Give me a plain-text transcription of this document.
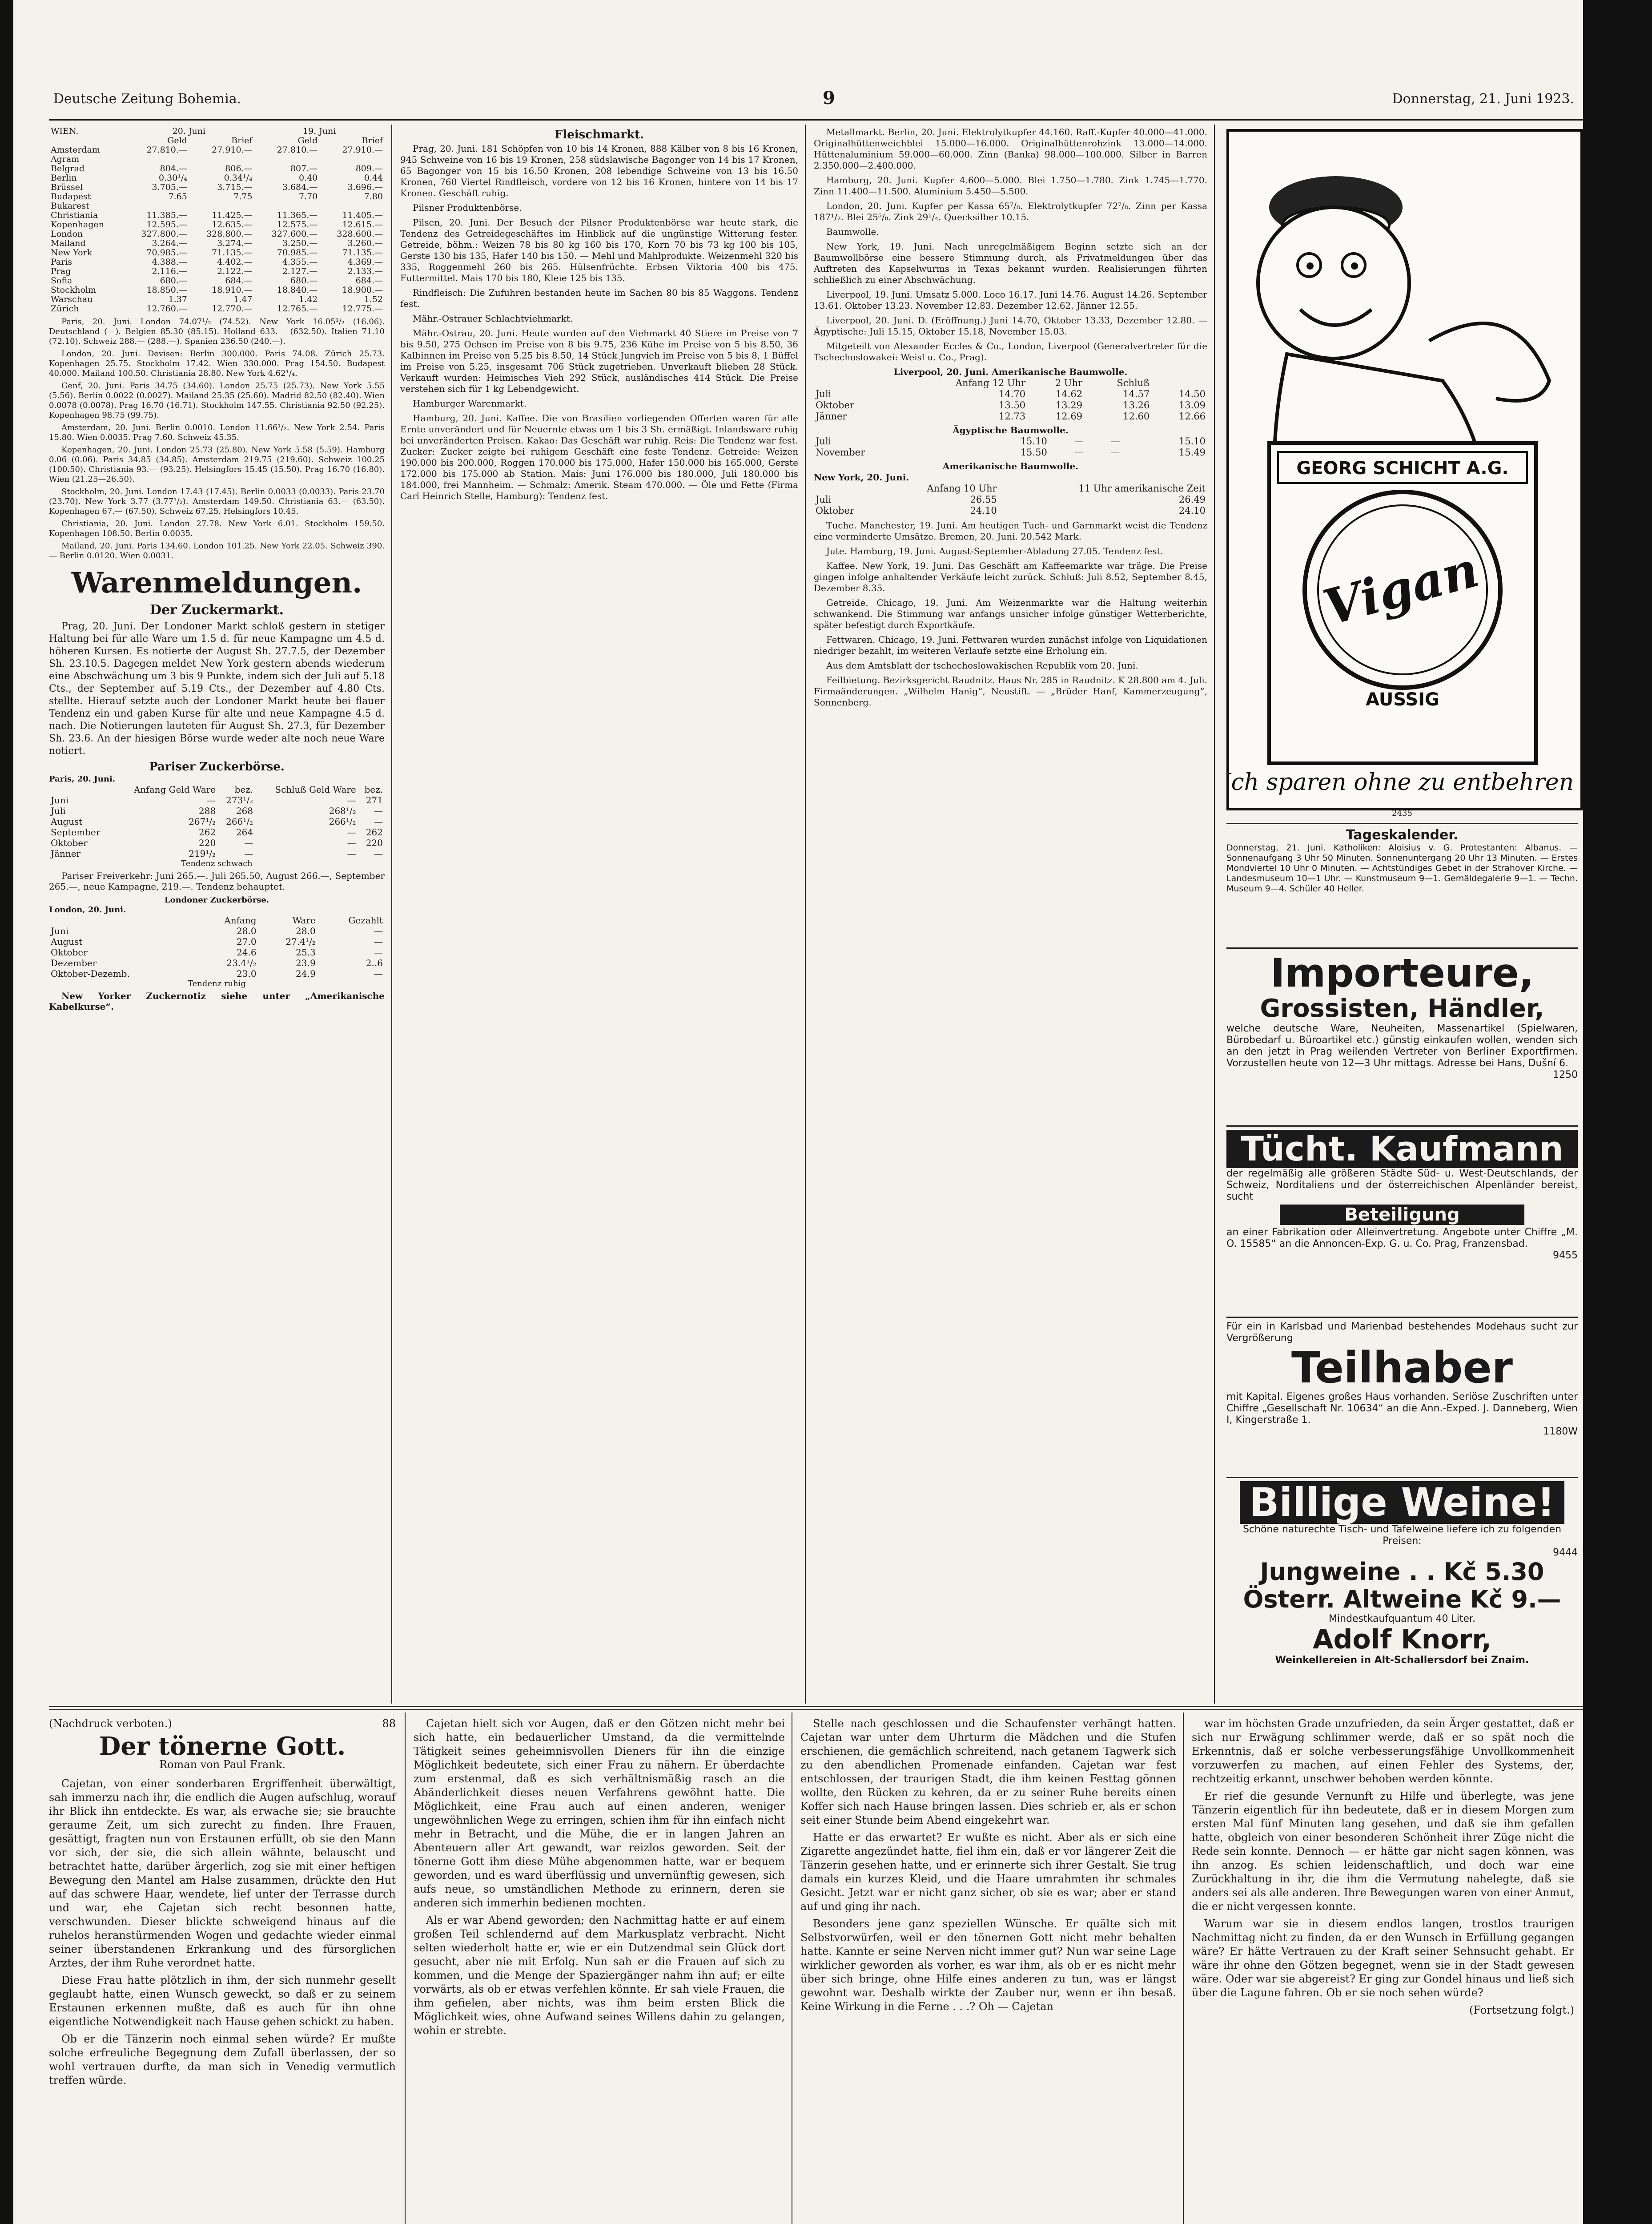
Deutsche Zeitung Bohemia.	9	Donnerstag, 21. Juni 1923.
WIEN.	20. Juni		19. Juni	
	Geld	Brief	Geld	Brief
Amsterdam	27.810.—	27.910.—	27.810.—	27.910.—
Agram				
Belgrad	804.—	806.—	807.—	809.—
Berlin	0.30¹/₄	0.34¹/₄	0.40	0.44
Brüssel	3.705.—	3.715.—	3.684.—	3.696.—
Budapest	7.65	7.75	7.70	7.80
Bukarest				
Christiania	11.385.—	11.425.—	11.365.—	11.405.—
Kopenhagen	12.595.—	12.635.—	12.575.—	12.615.—
London	327.800.—	328.800.—	327.600.—	328.600.—
Mailand	3.264.—	3.274.—	3.250.—	3.260.—
New York	70.985.—	71.135.—	70.985.—	71.135.—
Paris	4.388.—	4.402.—	4.355.—	4.369.—
Prag	2.116.—	2.122.—	2.127.—	2.133.—
Sofia	680.—	684.—	680.—	684.—
Stockholm	18.850.—	18.910.—	18.840.—	18.900.—
Warschau	1.37	1.47	1.42	1.52
Zürich	12.760.—	12.770.—	12.765.—	12.775.—

Paris, 20. Juni. London 74.07¹/₂ (74.52). New York 16.05¹/₂ (16.06). Deutschland (—). Belgien 85.30 (85.15). Holland 633.— (632.50). Italien 71.10 (72.10). Schweiz 288.— (288.—). Spanien 236.50 (240.—).

London, 20. Juni. Devisen: Berlin 300.000. Paris 74.08. Zürich 25.73. Kopenhagen 25.75. Stockholm 17.42. Wien 330.000. Prag 154.50. Budapest 40.000. Mailand 100.50. Christiania 28.80. New York 4.62¹/₄.

Genf, 20. Juni. Paris 34.75 (34.60). London 25.75 (25.73). New York 5.55 (5.56). Berlin 0.0022 (0.0027). Mailand 25.35 (25.60). Madrid 82.50 (82.40). Wien 0.0078 (0.0078). Prag 16.70 (16.71). Stockholm 147.55. Christiania 92.50 (92.25). Kopenhagen 98.75 (99.75).

Amsterdam, 20. Juni. Berlin 0.0010. London 11.66¹/₂. New York 2.54. Paris 15.80. Wien 0.0035. Prag 7.60. Schweiz 45.35.

Kopenhagen, 20. Juni. London 25.73 (25.80). New York 5.58 (5.59). Hamburg 0.06 (0.06). Paris 34.85 (34.85). Amsterdam 219.75 (219.60). Schweiz 100.25 (100.50). Christiania 93.— (93.25). Helsingfors 15.45 (15.50). Prag 16.70 (16.80). Wien (21.25—26.50).

Stockholm, 20. Juni. London 17.43 (17.45). Berlin 0.0033 (0.0033). Paris 23.70 (23.70). New York 3.77 (3.77¹/₂). Amsterdam 149.50. Christiania 63.— (63.50). Kopenhagen 67.— (67.50). Schweiz 67.25. Helsingfors 10.45.

Christiania, 20. Juni. London 27.78. New York 6.01. Stockholm 159.50. Kopenhagen 108.50. Berlin 0.0035.

Mailand, 20. Juni. Paris 134.60. London 101.25. New York 22.05. Schweiz 390.— Berlin 0.0120. Wien 0.0031.

Warenmeldungen.
Der Zuckermarkt.

Prag, 20. Juni. Der Londoner Markt schloß gestern in stetiger Haltung bei für alle Ware um 1.5 d. für neue Kampagne um 4.5 d. höheren Kursen. Es notierte der August Sh. 27.7.5, der Dezember Sh. 23.10.5. Dagegen meldet New York gestern abends wiederum eine Abschwächung um 3 bis 9 Punkte, indem sich der Juli auf 5.18 Cts., der September auf 5.19 Cts., der Dezember auf 4.80 Cts. stellte. Hierauf setzte auch der Londoner Markt heute bei flauer Tendenz ein und gaben Kurse für alte und neue Kampagne 4.5 d. nach. Die Notierungen lauteten für August Sh. 27.3, für Dezember Sh. 23.6. An der hiesigen Börse wurde weder alte noch neue Ware notiert.

Pariser Zuckerbörse.
Paris, 20. Juni.
	Anfang Geld Ware	bez.	Schluß Geld Ware	bez.
Juni	—	273¹/₂	—	271
Juli	288	268	268¹/₂	—
August	267¹/₂	266¹/₂	266¹/₂	—
September	262	264	—	262
Oktober	220	—	—	220
Jänner	219¹/₂	—	—	—
Tendenz schwach

Pariser Freiverkehr: Juni 265.—. Juli 265.50, August 266.—, September 265.—, neue Kampagne, 219.—. Tendenz behauptet.

Londoner Zuckerbörse.
London, 20. Juni.
	Anfang	Ware	Gezahlt
Juni	28.0	28.0	—
August	27.0	27.4¹/₂	—
Oktober	24.6	25.3	—
Dezember	23.4¹/₂	23.9	2..6
Oktober-Dezemb.	23.0	24.9	—
Tendenz ruhig

New Yorker Zuckernotiz siehe unter „Amerikanische Kabelkurse“.

Fleischmarkt.

Prag, 20. Juni. 181 Schöpfen von 10 bis 14 Kronen, 888 Kälber von 8 bis 16 Kronen, 945 Schweine von 16 bis 19 Kronen, 258 südslawische Bagonger von 14 bis 17 Kronen, 65 Bagonger von 15 bis 16.50 Kronen, 208 lebendige Schweine von 13 bis 16.50 Kronen, 760 Viertel Rindfleisch, vordere von 12 bis 16 Kronen, hintere von 14 bis 17 Kronen. Geschäft ruhig.

Pilsner Produktenbörse.

Pilsen, 20. Juni. Der Besuch der Pilsner Produktenbörse war heute stark, die Tendenz des Getreidegeschäftes im Hinblick auf die ungünstige Witterung fester. Getreide, böhm.: Weizen 78 bis 80 kg 160 bis 170, Korn 70 bis 73 kg 100 bis 105, Gerste 130 bis 135, Hafer 140 bis 150. — Mehl und Mahlprodukte. Weizenmehl 320 bis 335, Roggenmehl 260 bis 265. Hülsenfrüchte. Erbsen Viktoria 400 bis 475. Futtermittel. Mais 170 bis 180, Kleie 125 bis 135.

Rindfleisch: Die Zufuhren bestanden heute im Sachen 80 bis 85 Waggons. Tendenz fest.

Mähr.-Ostrauer Schlachtviehmarkt.

Mähr.-Ostrau, 20. Juni. Heute wurden auf den Viehmarkt 40 Stiere im Preise von 7 bis 9.50, 275 Ochsen im Preise von 8 bis 9.75, 236 Kühe im Preise von 5 bis 8.50, 36 Kalbinnen im Preise von 5.25 bis 8.50, 14 Stück Jungvieh im Preise von 5 bis 8, 1 Büffel im Preise von 5.25, insgesamt 706 Stück zugetrieben. Unverkauft blieben 28 Stück. Verkauft wurden: Heimisches Vieh 292 Stück, ausländisches 414 Stück. Die Preise verstehen sich für 1 kg Lebendgewicht.

Hamburger Warenmarkt.

Hamburg, 20. Juni. Kaffee. Die von Brasilien vorliegenden Offerten waren für alle Ernte unverändert und für Neuernte etwas um 1 bis 3 Sh. ermäßigt. Inlandsware ruhig bei unveränderten Preisen. Kakao: Das Geschäft war ruhig. Reis: Die Tendenz war fest. Zucker: Zucker zeigte bei ruhigem Geschäft eine feste Tendenz. Getreide: Weizen 190.000 bis 200.000, Roggen 170.000 bis 175.000, Hafer 150.000 bis 165.000, Gerste 172.000 bis 175.000 ab Station. Mais: Juni 176.000 bis 180.000, Juli 180.000 bis 184.000, frei Mannheim. — Schmalz: Amerik. Steam 470.000. — Öle und Fette (Firma Carl Heinrich Stelle, Hamburg): Tendenz fest.

Metallmarkt. Berlin, 20. Juni. Elektrolytkupfer 44.160. Raff.-Kupfer 40.000—41.000. Originalhüttenweichblei 15.000—16.000. Originalhüttenrohzink 13.000—14.000. Hüttenaluminium 59.000—60.000. Zinn (Banka) 98.000—100.000. Silber in Barren 2.350.000—2.400.000.

Hamburg, 20. Juni. Kupfer 4.600—5.000. Blei 1.750—1.780. Zink 1.745—1.770. Zinn 11.400—11.500. Aluminium 5.450—5.500.

London, 20. Juni. Kupfer per Kassa 65⁷/₈. Elektrolytkupfer 72⁷/₈. Zinn per Kassa 187¹/₂. Blei 25⁵/₈. Zink 29¹/₄. Quecksilber 10.15.

Baumwolle.

New York, 19. Juni. Nach unregelmäßigem Beginn setzte sich an der Baumwollbörse eine bessere Stimmung durch, als Privatmeldungen über das Auftreten des Kapselwurms in Texas bekannt wurden. Realisierungen führten schließlich zu einer Abschwächung.

Liverpool, 19. Juni. Umsatz 5.000. Loco 16.17. Juni 14.76. August 14.26. September 13.61. Oktober 13.23. November 12.83. Dezember 12.62. Jänner 12.55.

Liverpool, 20. Juni. D. (Eröffnung.) Juni 14.70, Oktober 13.33, Dezember 12.80. — Ägyptische: Juli 15.15, Oktober 15.18, November 15.03.

Mitgeteilt von Alexander Eccles & Co., London, Liverpool (Generalvertreter für die Tschechoslowakei: Weisl u. Co., Prag).

Liverpool, 20. Juni. Amerikanische Baumwolle.
	Anfang 12 Uhr	2 Uhr	Schluß	
Juli	14.70	14.62	14.57	14.50
Oktober	13.50	13.29	13.26	13.09
Jänner	12.73	12.69	12.60	12.66
Ägyptische Baumwolle.
Juli	15.10	—	—	15.10
November	15.50	—	—	15.49
Amerikanische Baumwolle.
New York, 20. Juni.
	Anfang 10 Uhr	11 Uhr amerikanische Zeit
Juli	26.55	26.49
Oktober	24.10	24.10

Tuche. Manchester, 19. Juni. Am heutigen Tuch- und Garnmarkt weist die Tendenz eine verminderte Umsätze. Bremen, 20. Juni. 20.542 Mark.

Jute. Hamburg, 19. Juni. August-September-Abladung 27.05. Tendenz fest.

Kaffee. New York, 19. Juni. Das Geschäft am Kaffeemarkte war träge. Die Preise gingen infolge anhaltender Verkäufe leicht zurück. Schluß: Juli 8.52, September 8.45, Dezember 8.35.

Getreide. Chicago, 19. Juni. Am Weizenmarkte war die Haltung weiterhin schwankend. Die Stimmung war anfangs unsicher infolge günstiger Wetterberichte, später befestigt durch Exportkäufe.

Fettwaren. Chicago, 19. Juni. Fettwaren wurden zunächst infolge von Liquidationen niedriger bezahlt, im weiteren Verlaufe setzte eine Erholung ein.

Aus dem Amtsblatt der tschechoslowakischen Republik vom 20. Juni.

Feilbietung. Bezirksgericht Raudnitz. Haus Nr. 285 in Raudnitz. K 28.800 am 4. Juli. Firmaänderungen. „Wilhelm Hanig“, Neustift. — „Brüder Hanf, Kammerzeugung“, Sonnenberg.

GEORG SCHICHT A.G.
Vigan
AUSSIG
Ich sparen ohne zu entbehren!
2435
Tageskalender.

Donnerstag, 21. Juni. Katholiken: Aloisius v. G. Protestanten: Albanus. — Sonnenaufgang 3 Uhr 50 Minuten. Sonnenuntergang 20 Uhr 13 Minuten. — Erstes Mondviertel 10 Uhr 0 Minuten. — Achtstündiges Gebet in der Strahover Kirche. — Landesmuseum 10—1 Uhr. — Kunstmuseum 9—1. Gemäldegalerie 9—1. — Techn. Museum 9—4. Schüler 40 Heller.

Importeure,
Grossisten, Händler,

welche deutsche Ware, Neuheiten, Massenartikel (Spielwaren, Bürobedarf u. Büroartikel etc.) günstig einkaufen wollen, wenden sich an den jetzt in Prag weilenden Vertreter von Berliner Exportfirmen. Vorzustellen heute von 12—3 Uhr mittags. Adresse bei Hans, Dušní 6.

1250
Tücht. Kaufmann

der regelmäßig alle größeren Städte Süd- u. West-Deutschlands, der Schweiz, Norditaliens und der österreichischen Alpenländer bereist, sucht

Beteiligung

an einer Fabrikation oder Alleinvertretung. Angebote unter Chiffre „M. O. 15585“ an die Annoncen-Exp. G. u. Co. Prag, Franzensbad.

9455

Für ein in Karlsbad und Marienbad bestehendes Modehaus sucht zur Vergrößerung

Teilhaber

mit Kapital. Eigenes großes Haus vorhanden. Seriöse Zuschriften unter Chiffre „Gesellschaft Nr. 10634“ an die Ann.-Exped. J. Danneberg, Wien I, Kingerstraße 1.

1180W
Billige Weine!

Schöne naturechte Tisch- und Tafelweine liefere ich zu folgenden Preisen:

9444
Jungweine . . Kč 5.30
Österr. Altweine Kč 9.—
Mindestkaufquantum 40 Liter.
Adolf Knorr,
Weinkellereien in Alt-Schallersdorf bei Znaim.
(Nachdruck verboten.)	88
Der tönerne Gott.
Roman von Paul Frank.

Cajetan, von einer sonderbaren Ergriffenheit überwältigt, sah immerzu nach ihr, die endlich die Augen aufschlug, worauf ihr Blick ihn entdeckte. Es war, als erwache sie; sie brauchte geraume Zeit, um sich zurecht zu finden. Ihre Frauen, gesättigt, fragten nun von Erstaunen erfüllt, ob sie den Mann vor sich, der sie, die sich allein wähnte, belauscht und betrachtet hatte, darüber ärgerlich, zog sie mit einer heftigen Bewegung den Mantel am Halse zusammen, drückte den Hut auf das schwere Haar, wendete, lief unter der Terrasse durch und war, ehe Cajetan sich recht besonnen hatte, verschwunden. Dieser blickte schweigend hinaus auf die ruhelos heranstürmenden Wogen und gedachte wieder einmal seiner überstandenen Erkrankung und des fürsorglichen Arztes, der ihm Ruhe verordnet hatte.

Diese Frau hatte plötzlich in ihm, der sich nunmehr gesellt geglaubt hatte, einen Wunsch geweckt, so daß er zu seinem Erstaunen erkennen mußte, daß es auch für ihn ohne eigentliche Notwendigkeit nach Hause gehen schickt zu haben.

Ob er die Tänzerin noch einmal sehen würde? Er mußte solche erfreuliche Begegnung dem Zufall überlassen, der so wohl vertrauen durfte, da man sich in Venedig vermutlich treffen würde.

Cajetan hielt sich vor Augen, daß er den Götzen nicht mehr bei sich hatte, ein bedauerlicher Umstand, da die vermittelnde Tätigkeit seines geheimnisvollen Dieners für ihn die einzige Möglichkeit bedeutete, sich einer Frau zu nähern. Er überdachte zum erstenmal, daß es sich verhältnismäßig rasch an die Abänderlichkeit dieses neuen Verfahrens gewöhnt hatte. Die Möglichkeit, eine Frau auch auf einen anderen, weniger ungewöhnlichen Wege zu erringen, schien ihm für ihn einfach nicht mehr in Betracht, und die Mühe, die er in langen Jahren an Abenteuern aller Art gewandt, war reizlos geworden. Seit der tönerne Gott ihm diese Mühe abgenommen hatte, war er bequem geworden, und es ward überflüssig und unvernünftig gewesen, sich aufs neue, so umständlichen Methode zu erinnern, deren sie anderen sich immerhin bedienen mochten.

Als er war Abend geworden; den Nachmittag hatte er auf einem großen Teil schlendernd auf dem Markusplatz verbracht. Nicht selten wiederholt hatte er, wie er ein Dutzendmal sein Glück dort gesucht, aber nie mit Erfolg. Nun sah er die Frauen auf sich zu kommen, und die Menge der Spaziergänger nahm ihn auf; er eilte vorwärts, als ob er etwas verfehlen könnte. Er sah viele Frauen, die ihm gefielen, aber nichts, was ihm beim ersten Blick die Möglichkeit wies, ohne Aufwand seines Willens dahin zu gelangen, wohin er strebte.

Stelle nach geschlossen und die Schaufenster verhängt hatten. Cajetan war unter dem Uhrturm die Mädchen und die Stufen erschienen, die gemächlich schreitend, nach getanem Tagwerk sich zu den abendlichen Promenade einfanden. Cajetan war fest entschlossen, der traurigen Stadt, die ihm keinen Festtag gönnen wollte, den Rücken zu kehren, da er zu seiner Ruhe bereits einen Koffer sich nach Hause bringen lassen. Dies schrieb er, als er schon seit einer Stunde beim Abend eingekehrt war.

Hatte er das erwartet? Er wußte es nicht. Aber als er sich eine Zigarette angezündet hatte, fiel ihm ein, daß er vor längerer Zeit die Tänzerin gesehen hatte, und er erinnerte sich ihrer Gestalt. Sie trug damals ein kurzes Kleid, und die Haare umrahmten ihr schmales Gesicht. Jetzt war er nicht ganz sicher, ob sie es war; aber er stand auf und ging ihr nach.

Besonders jene ganz speziellen Wünsche. Er quälte sich mit Selbstvorwürfen, weil er den tönernen Gott nicht mehr behalten hatte. Kannte er seine Nerven nicht immer gut? Nun war seine Lage wirklicher geworden als vorher, es war ihm, als ob er es nicht mehr über sich bringe, ohne Hilfe eines anderen zu tun, was er längst gewohnt war. Deshalb wirkte der Zauber nur, wenn er ihn besaß. Keine Wirkung in die Ferne . . .? Oh — Cajetan

war im höchsten Grade unzufrieden, da sein Ärger gestattet, daß er sich nur Erwägung schlimmer werde, daß er so spät noch die Erkenntnis, daß er solche verbesserungsfähige Unvollkommenheit vorzuwerfen zu machen, auf einen Fehler des Systems, der, rechtzeitig erkannt, unschwer behoben werden könnte.

Er rief die gesunde Vernunft zu Hilfe und überlegte, was jene Tänzerin eigentlich für ihn bedeutete, daß er in diesem Morgen zum ersten Mal fünf Minuten lang gesehen, und daß sie ihm gefallen hatte, obgleich von einer besonderen Schönheit ihrer Züge nicht die Rede sein konnte. Dennoch — er hätte gar nicht sagen können, was ihn anzog. Es schien leidenschaftlich, und doch war eine Zurückhaltung in ihr, die ihm die Vermutung nahelegte, daß sie anders sei als alle anderen. Ihre Bewegungen waren von einer Anmut, die er nicht vergessen konnte.

Warum war sie in diesem endlos langen, trostlos traurigen Nachmittag nicht zu finden, da er den Wunsch in Erfüllung gegangen wäre? Er hätte Vertrauen zu der Kraft seiner Sehnsucht gehabt. Er wäre ihr ohne den Götzen begegnet, wenn sie in der Stadt gewesen wäre. Oder war sie abgereist? Er ging zur Gondel hinaus und ließ sich über die Lagune fahren. Ob er sie noch sehen würde?

(Fortsetzung folgt.)
